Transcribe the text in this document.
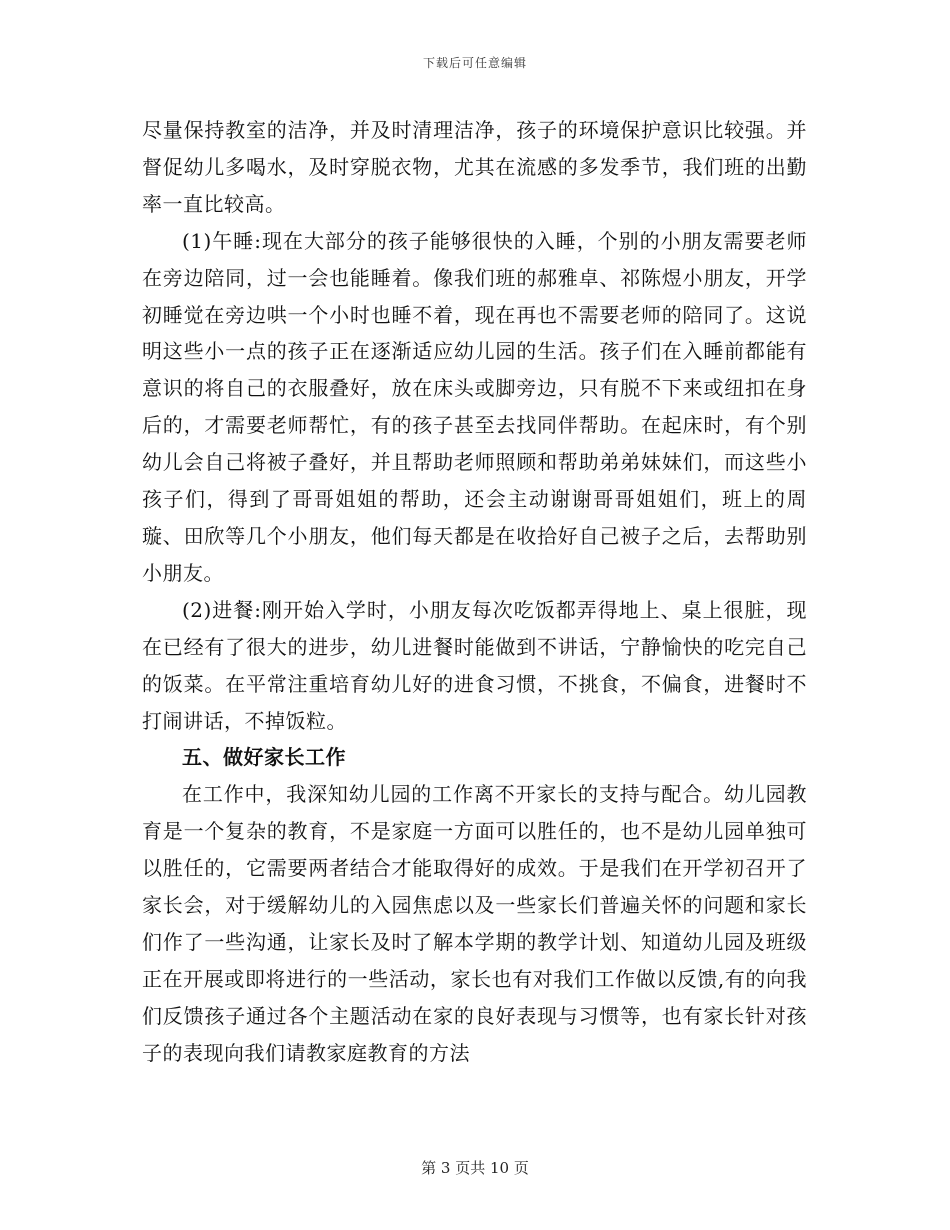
下载后可任意编辑

尽量保持教室的洁净，并及时清理洁净，孩子的环境保护意识比较强。并督促幼儿多喝水，及时穿脱衣物，尤其在流感的多发季节，我们班的出勤率一直比较高。

(1)午睡:现在大部分的孩子能够很快的入睡，个别的小朋友需要老师在旁边陪同，过一会也能睡着。像我们班的郝雅卓、祁陈煜小朋友，开学初睡觉在旁边哄一个小时也睡不着，现在再也不需要老师的陪同了。这说明这些小一点的孩子正在逐渐适应幼儿园的生活。孩子们在入睡前都能有意识的将自己的衣服叠好，放在床头或脚旁边，只有脱不下来或纽扣在身后的，才需要老师帮忙，有的孩子甚至去找同伴帮助。在起床时，有个别幼儿会自己将被子叠好，并且帮助老师照顾和帮助弟弟妹妹们，而这些小孩子们，得到了哥哥姐姐的帮助，还会主动谢谢哥哥姐姐们，班上的周璇、田欣等几个小朋友，他们每天都是在收拾好自己被子之后，去帮助别小朋友。

(2)进餐:刚开始入学时，小朋友每次吃饭都弄得地上、桌上很脏，现在已经有了很大的进步，幼儿进餐时能做到不讲话，宁静愉快的吃完自己的饭菜。在平常注重培育幼儿好的进食习惯，不挑食，不偏食，进餐时不打闹讲话，不掉饭粒。

五、做好家长工作

在工作中，我深知幼儿园的工作离不开家长的支持与配合。幼儿园教育是一个复杂的教育，不是家庭一方面可以胜任的，也不是幼儿园单独可以胜任的，它需要两者结合才能取得好的成效。于是我们在开学初召开了家长会，对于缓解幼儿的入园焦虑以及一些家长们普遍关怀的问题和家长们作了一些沟通，让家长及时了解本学期的教学计划、知道幼儿园及班级正在开展或即将进行的一些活动，家长也有对我们工作做以反馈,有的向我们反馈孩子通过各个主题活动在家的良好表现与习惯等，也有家长针对孩子的表现向我们请教家庭教育的方法

第 3 页共 10 页
